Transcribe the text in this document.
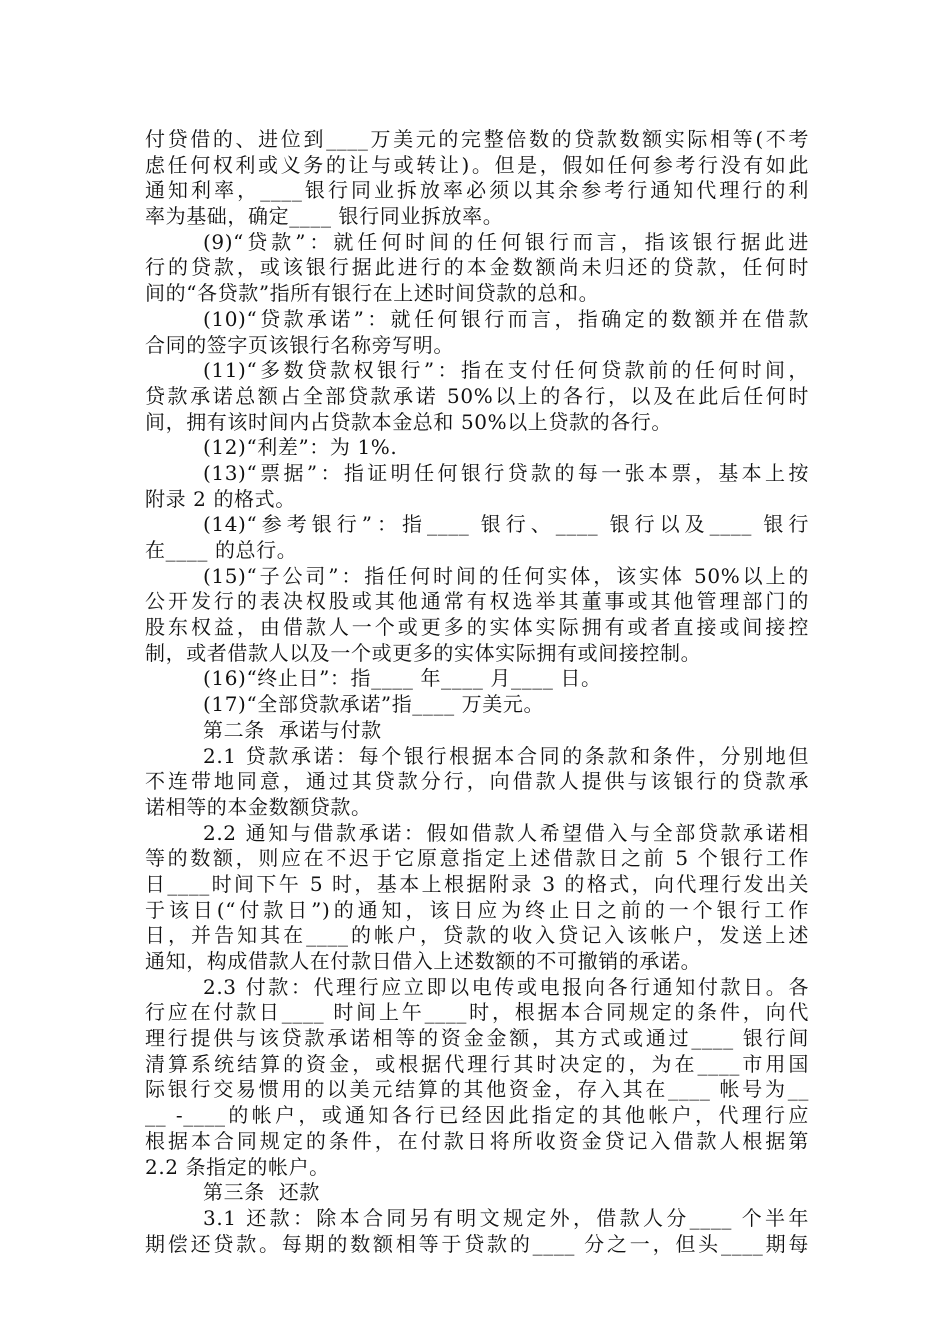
付贷借的、进位到____万美元的完整倍数的贷款数额实际相等(不考
虑任何权利或义务的让与或转让)。但是，假如任何参考行没有如此
通知利率，____银行同业拆放率必须以其余参考行通知代理行的利
率为基础，确定____ 银行同业拆放率。
(9)“贷款”：就任何时间的任何银行而言，指该银行据此进
行的贷款，或该银行据此进行的本金数额尚未归还的贷款，任何时
间的“各贷款”指所有银行在上述时间贷款的总和。
(10)“贷款承诺”：就任何银行而言，指确定的数额并在借款
合同的签字页该银行名称旁写明。
(11)“多数贷款权银行”：指在支付任何贷款前的任何时间，
贷款承诺总额占全部贷款承诺 50%以上的各行，以及在此后任何时
间，拥有该时间内占贷款本金总和 50%以上贷款的各行。
(12)“利差”：为 1%.
(13)“票据”：指证明任何银行贷款的每一张本票，基本上按
附录 2 的格式。
(14)“参考银行”：指____ 银行、____ 银行以及____ 银行
在____ 的总行。
(15)“子公司”：指任何时间的任何实体，该实体 50%以上的
公开发行的表决权股或其他通常有权选举其董事或其他管理部门的
股东权益，由借款人一个或更多的实体实际拥有或者直接或间接控
制，或者借款人以及一个或更多的实体实际拥有或间接控制。
(16)“终止日”：指____ 年____ 月____ 日。
(17)“全部贷款承诺”指____ 万美元。
第二条  承诺与付款
2.1 贷款承诺：每个银行根据本合同的条款和条件，分别地但
不连带地同意，通过其贷款分行，向借款人提供与该银行的贷款承
诺相等的本金数额贷款。
2.2 通知与借款承诺：假如借款人希望借入与全部贷款承诺相
等的数额，则应在不迟于它原意指定上述借款日之前 5 个银行工作
日____时间下午 5 时，基本上根据附录 3 的格式，向代理行发出关
于该日(“付款日”)的通知，该日应为终止日之前的一个银行工作
日，并告知其在____的帐户，贷款的收入贷记入该帐户，发送上述
通知，构成借款人在付款日借入上述数额的不可撤销的承诺。
2.3 付款：代理行应立即以电传或电报向各行通知付款日。各
行应在付款日____ 时间上午____时，根据本合同规定的条件，向代
理行提供与该贷款承诺相等的资金金额，其方式或通过____ 银行间
清算系统结算的资金，或根据代理行其时决定的，为在____市用国
际银行交易惯用的以美元结算的其他资金，存入其在____ 帐号为__
__ -____的帐户，或通知各行已经因此指定的其他帐户，代理行应
根据本合同规定的条件，在付款日将所收资金贷记入借款人根据第
2.2 条指定的帐户。
第三条  还款
3.1 还款：除本合同另有明文规定外，借款人分____ 个半年
期偿还贷款。每期的数额相等于贷款的____ 分之一，但头____期每
